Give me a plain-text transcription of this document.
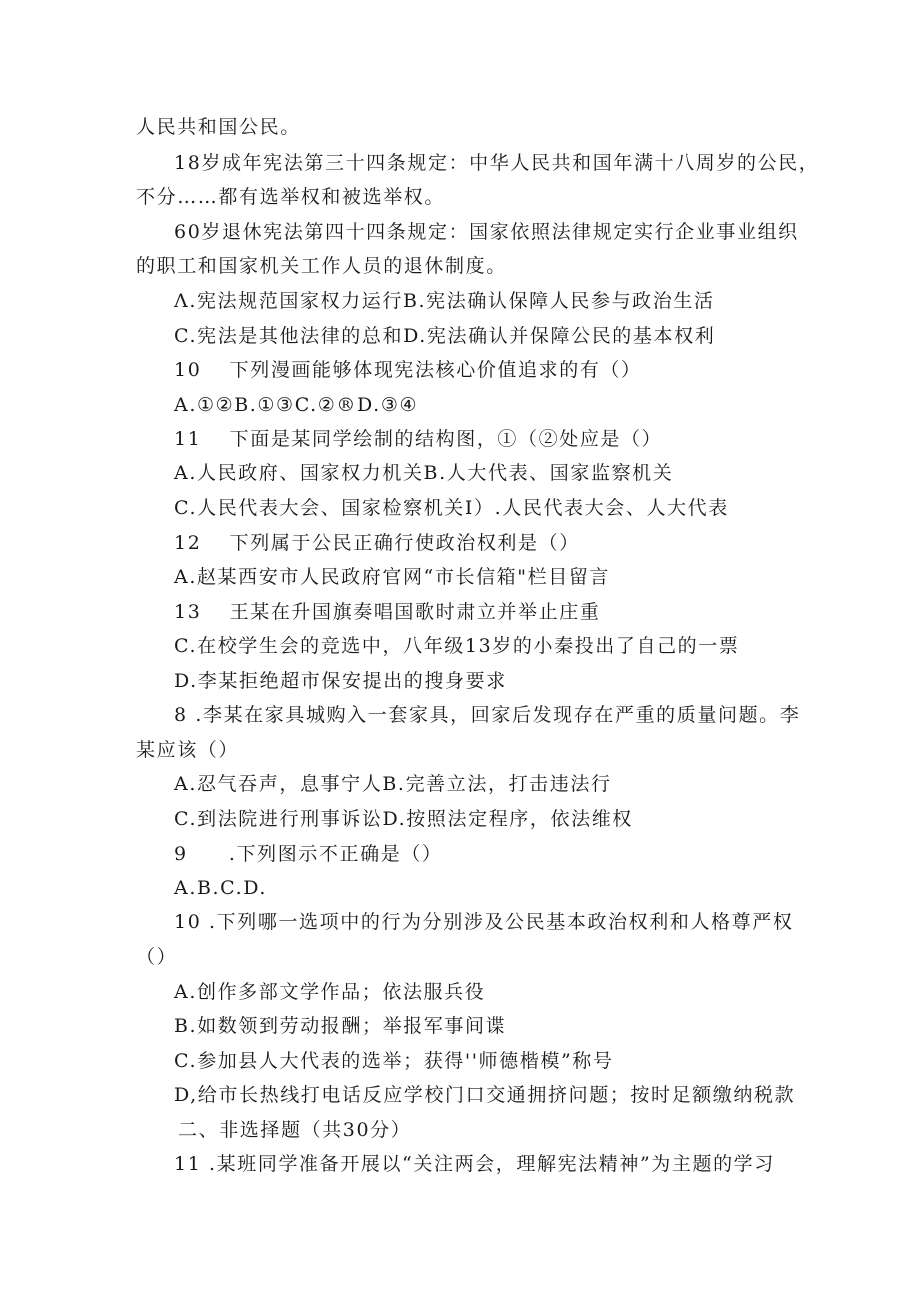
人民共和国公民。
18岁成年宪法第三十四条规定：中华人民共和国年满十八周岁的公民，
不分……都有选举权和被选举权。
60岁退休宪法第四十四条规定：国家依照法律规定实行企业事业组织
的职工和国家机关工作人员的退休制度。
Λ.宪法规范国家权力运行B.宪法确认保障人民参与政治生活
C.宪法是其他法律的总和D.宪法确认并保障公民的基本权利
10　 下列漫画能够体现宪法核心价值追求的有（）
A.①②B.①③C.②®D.③④
11　 下面是某同学绘制的结构图，①（②处应是（）
A.人民政府、国家权力机关B.人大代表、国家监察机关
C.人民代表大会、国家检察机关I）.人民代表大会、人大代表
12　 下列属于公民正确行使政治权利是（）
A.赵某西安市人民政府官网“市长信箱"栏目留言
13　 王某在升国旗奏唱国歌时肃立并举止庄重
C.在校学生会的竞选中，八年级13岁的小秦投出了自己的一票
D.李某拒绝超市保安提出的搜身要求
8 .李某在家具城购入一套家具，回家后发现存在严重的质量问题。李
某应该（）
A.忍气吞声，息事宁人B.完善立法，打击违法行
C.到法院进行刑事诉讼D.按照法定程序，依法维权
9　　.下列图示不正确是（）
A.B.C.D.
10 .下列哪一选项中的行为分别涉及公民基本政治权利和人格尊严权
（）
A.创作多部文学作品；依法服兵役
B.如数领到劳动报酬；举报军事间谍
C.参加县人大代表的选举；获得''师德楷模”称号
D,给市长热线打电话反应学校门口交通拥挤问题；按时足额缴纳税款
二、非选择题（共30分）
11 .某班同学准备开展以“关注两会，理解宪法精神”为主题的学习
